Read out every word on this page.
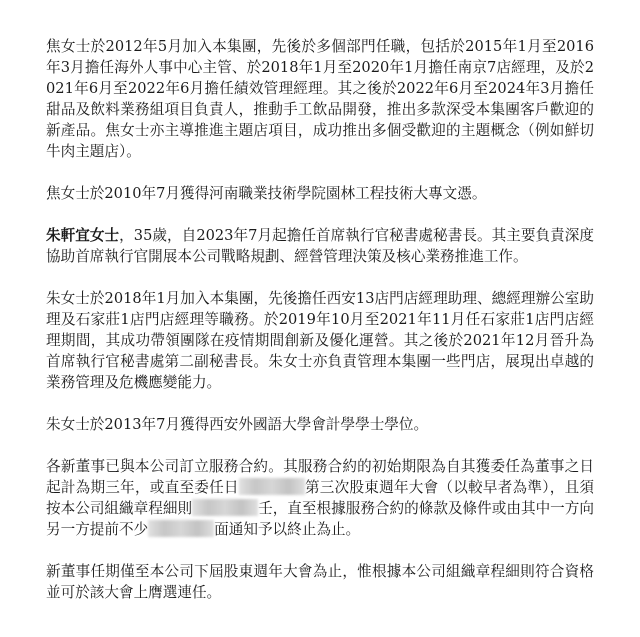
焦女士於2012年5月加入本集團，先後於多個部門任職，包括於2015年1月至2016年3月擔任海外人事中心主管、於2018年1月至2020年1月擔任南京7店經理，及於2021年6月至2022年6月擔任績效管理經理。其之後於2022年6月至2024年3月擔任甜品及飲料業務組項目負責人，推動手工飲品開發，推出多款深受本集團客戶歡迎的新產品。焦女士亦主導推進主題店項目，成功推出多個受歡迎的主題概念（例如鮮切牛肉主題店）。

焦女士於2010年7月獲得河南職業技術學院園林工程技術大專文憑。

朱軒宜女士，35歲，自2023年7月起擔任首席執行官秘書處秘書長。其主要負責深度協助首席執行官開展本公司戰略規劃、經營管理決策及核心業務推進工作。

朱女士於2018年1月加入本集團，先後擔任西安13店門店經理助理、總經理辦公室助理及石家莊1店門店經理等職務。於2019年10月至2021年11月任石家莊1店門店經理期間，其成功帶領團隊在疫情期間創新及優化運營。其之後於2021年12月晉升為首席執行官秘書處第二副秘書長。朱女士亦負責管理本集團一些門店，展現出卓越的業務管理及危機應變能力。

朱女士於2013年7月獲得西安外國語大學會計學學士學位。

各新董事已與本公司訂立服務合約。其服務合約的初始期限為自其獲委任為董事之日起計為期三年，或直至委任日	第三次股東週年大會（以較早者為準），且須按本公司組織章程細則	壬，直至根據服務合約的條款及條件或由其中一方向另一方提前不少	面通知予以終止為止。

新董事任期僅至本公司下屆股東週年大會為止，惟根據本公司組織章程細則符合資格並可於該大會上膺選連任。
